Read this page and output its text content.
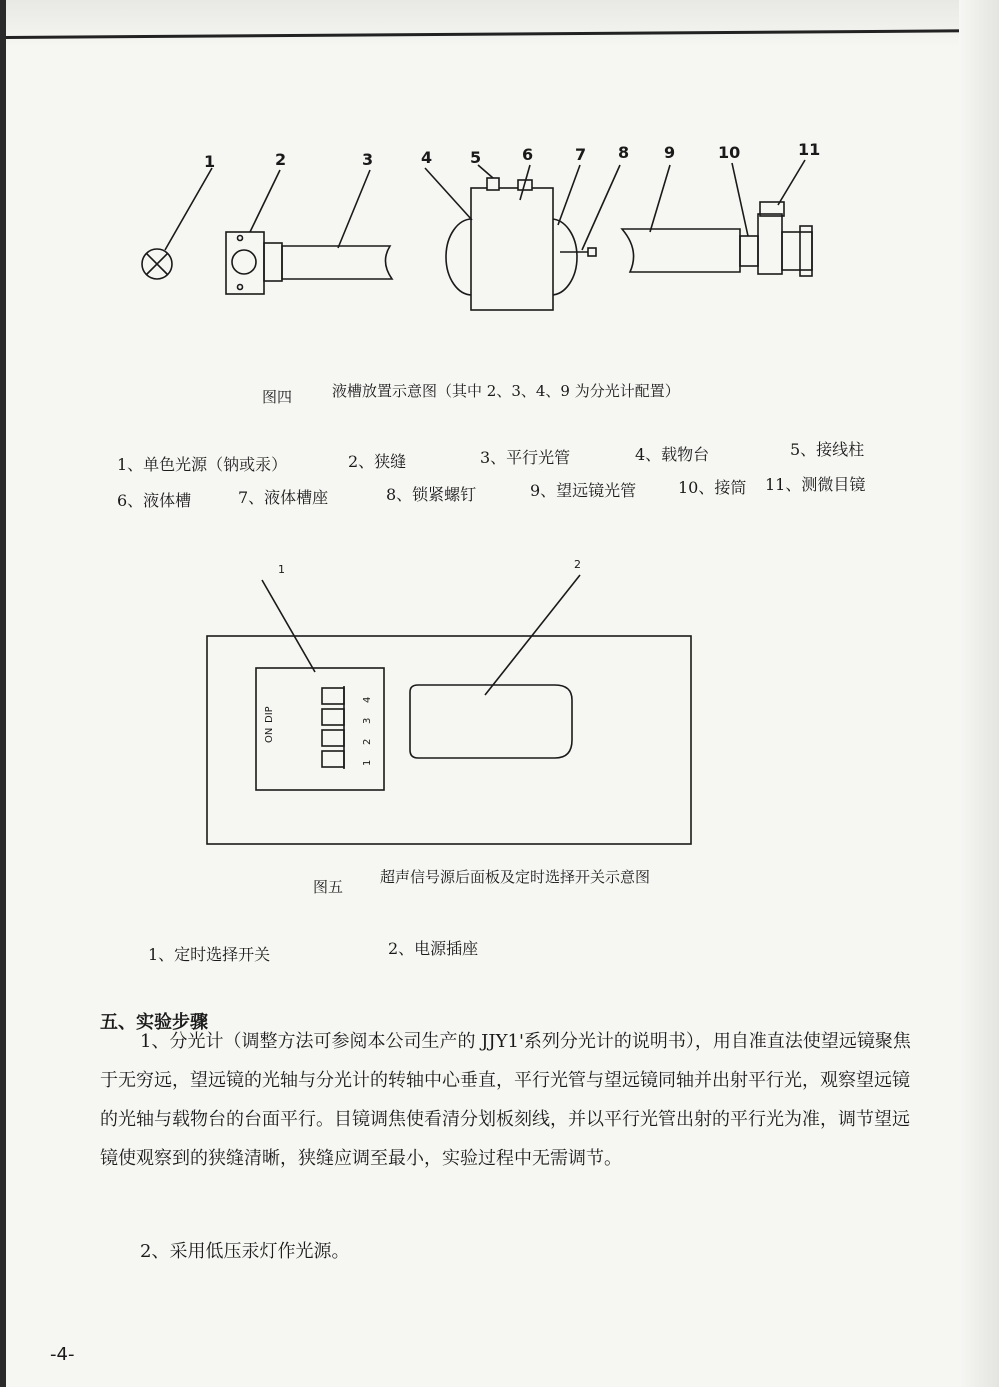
1	2	3	4 5	6	7 8 9	10	11
图四	液槽放置示意图（其中 2、3、4、9 为分光计配置）
1、单色光源（钠或汞）	2、狭缝	3、平行光管	4、载物台	5、接线柱
6、液体槽	7、液体槽座	8、锁紧螺钉	9、望远镜光管	10、接筒 11、测微目镜
1	2
ON
DIP
1
2
3
4
图五
超声信号源后面板及定时选择开关示意图
1、定时选择开关	2、电源插座
五、实验步骤

1、分光计（调整方法可参阅本公司生产的 JJY1'系列分光计的说明书），用自准直法使望远镜聚焦于无穷远，望远镜的光轴与分光计的转轴中心垂直，平行光管与望远镜同轴并出射平行光，观察望远镜的光轴与载物台的台面平行。目镜调焦使看清分划板刻线，并以平行光管出射的平行光为准，调节望远镜使观察到的狭缝清晰，狭缝应调至最小，实验过程中无需调节。

2、采用低压汞灯作光源。

-4-
